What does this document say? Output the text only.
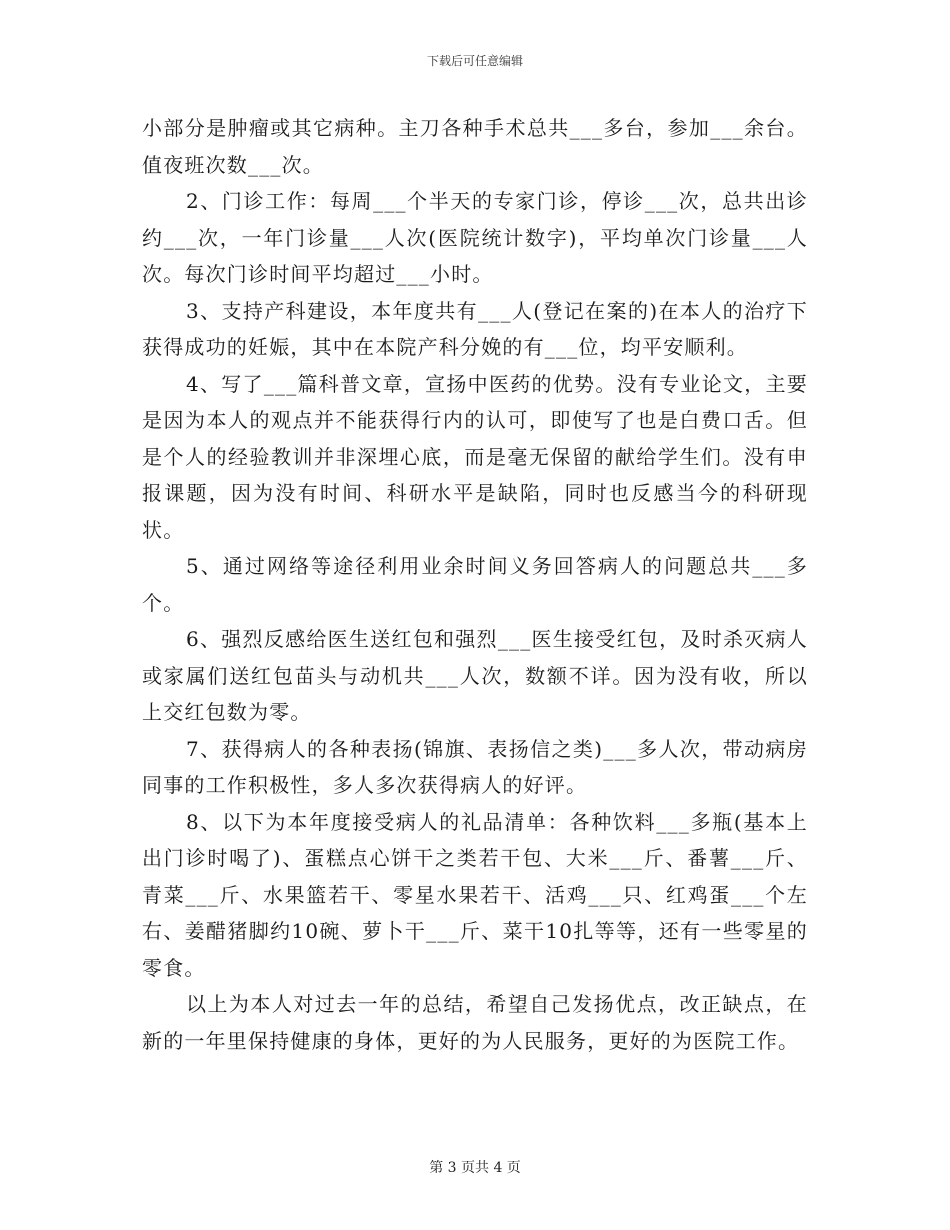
下载后可任意编辑

小部分是肿瘤或其它病种。主刀各种手术总共___多台，参加___余台。值夜班次数___次。

2、门诊工作：每周___个半天的专家门诊，停诊___次，总共出诊约___次，一年门诊量___人次(医院统计数字)，平均单次门诊量___人次。每次门诊时间平均超过___小时。

3、支持产科建设，本年度共有___人(登记在案的)在本人的治疗下获得成功的妊娠，其中在本院产科分娩的有___位，均平安顺利。

4、写了___篇科普文章，宣扬中医药的优势。没有专业论文，主要是因为本人的观点并不能获得行内的认可，即使写了也是白费口舌。但是个人的经验教训并非深埋心底，而是毫无保留的献给学生们。没有申报课题，因为没有时间、科研水平是缺陷，同时也反感当今的科研现状。

5、通过网络等途径利用业余时间义务回答病人的问题总共___多个。

6、强烈反感给医生送红包和强烈___医生接受红包，及时杀灭病人或家属们送红包苗头与动机共___人次，数额不详。因为没有收，所以上交红包数为零。

7、获得病人的各种表扬(锦旗、表扬信之类)___多人次，带动病房同事的工作积极性，多人多次获得病人的好评。

8、以下为本年度接受病人的礼品清单：各种饮料___多瓶(基本上出门诊时喝了)、蛋糕点心饼干之类若干包、大米___斤、番薯___斤、青菜___斤、水果篮若干、零星水果若干、活鸡___只、红鸡蛋___个左右、姜醋猪脚约10碗、萝卜干___斤、菜干10扎等等，还有一些零星的零食。

以上为本人对过去一年的总结，希望自己发扬优点，改正缺点，在新的一年里保持健康的身体，更好的为人民服务，更好的为医院工作。

第 3 页共 4 页
